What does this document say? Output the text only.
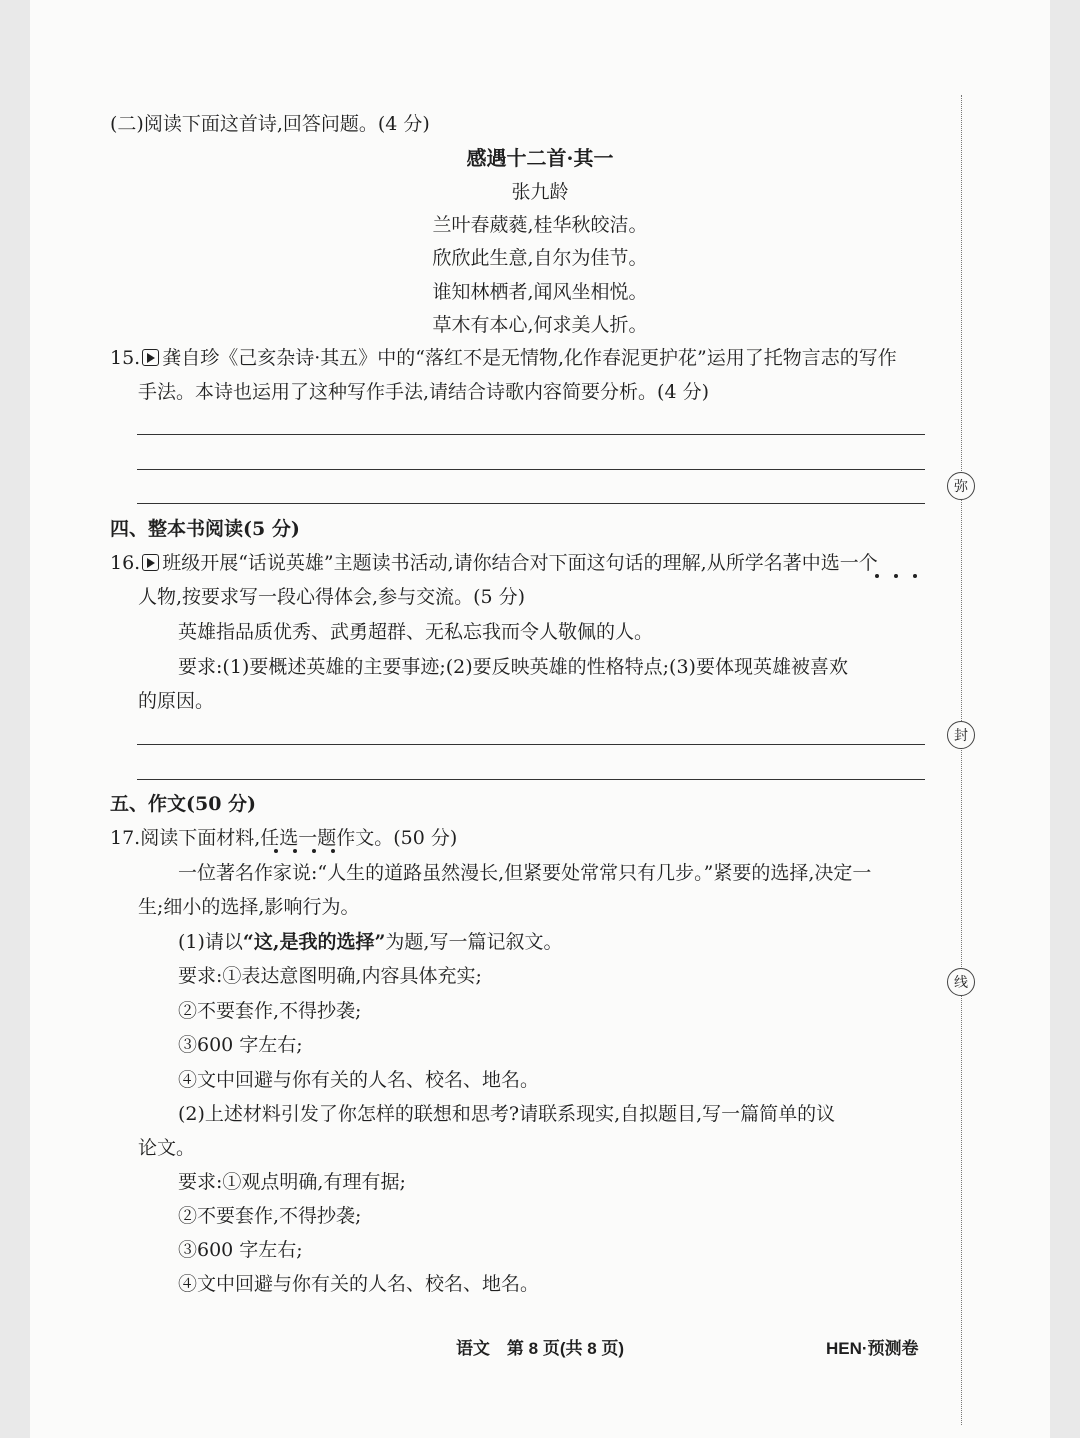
(二)阅读下面这首诗,回答问题。(4 分)
感遇十二首·其一
张九龄
兰叶春葳蕤,桂华秋皎洁。
欣欣此生意,自尔为佳节。
谁知林栖者,闻风坐相悦。
草木有本心,何求美人折。
15. 龚自珍《己亥杂诗·其五》中的“落红不是无情物,化作春泥更护花”运用了托物言志的写作
手法。本诗也运用了这种写作手法,请结合诗歌内容简要分析。(4 分)
四、整本书阅读(5 分)
16. 班级开展“话说英雄”主题读书活动,请你结合对下面这句话的理解,从所学名著中选一个
人物,按要求写一段心得体会,参与交流。(5 分)
英雄指品质优秀、武勇超群、无私忘我而令人敬佩的人。
要求:(1)要概述英雄的主要事迹;(2)要反映英雄的性格特点;(3)要体现英雄被喜欢
的原因。
五、作文(50 分)
17.阅读下面材料,任选一题作文。(50 分)
一位著名作家说:“人生的道路虽然漫长,但紧要处常常只有几步。”紧要的选择,决定一
生;细小的选择,影响行为。
(1)请以“这,是我的选择”为题,写一篇记叙文。
要求:①表达意图明确,内容具体充实;
②不要套作,不得抄袭;
③600 字左右;
④文中回避与你有关的人名、校名、地名。
(2)上述材料引发了你怎样的联想和思考?请联系现实,自拟题目,写一篇简单的议
论文。
要求:①观点明确,有理有据;
②不要套作,不得抄袭;
③600 字左右;
④文中回避与你有关的人名、校名、地名。
语文　第 8 页(共 8 页)	HEN·预测卷
弥
封
线
